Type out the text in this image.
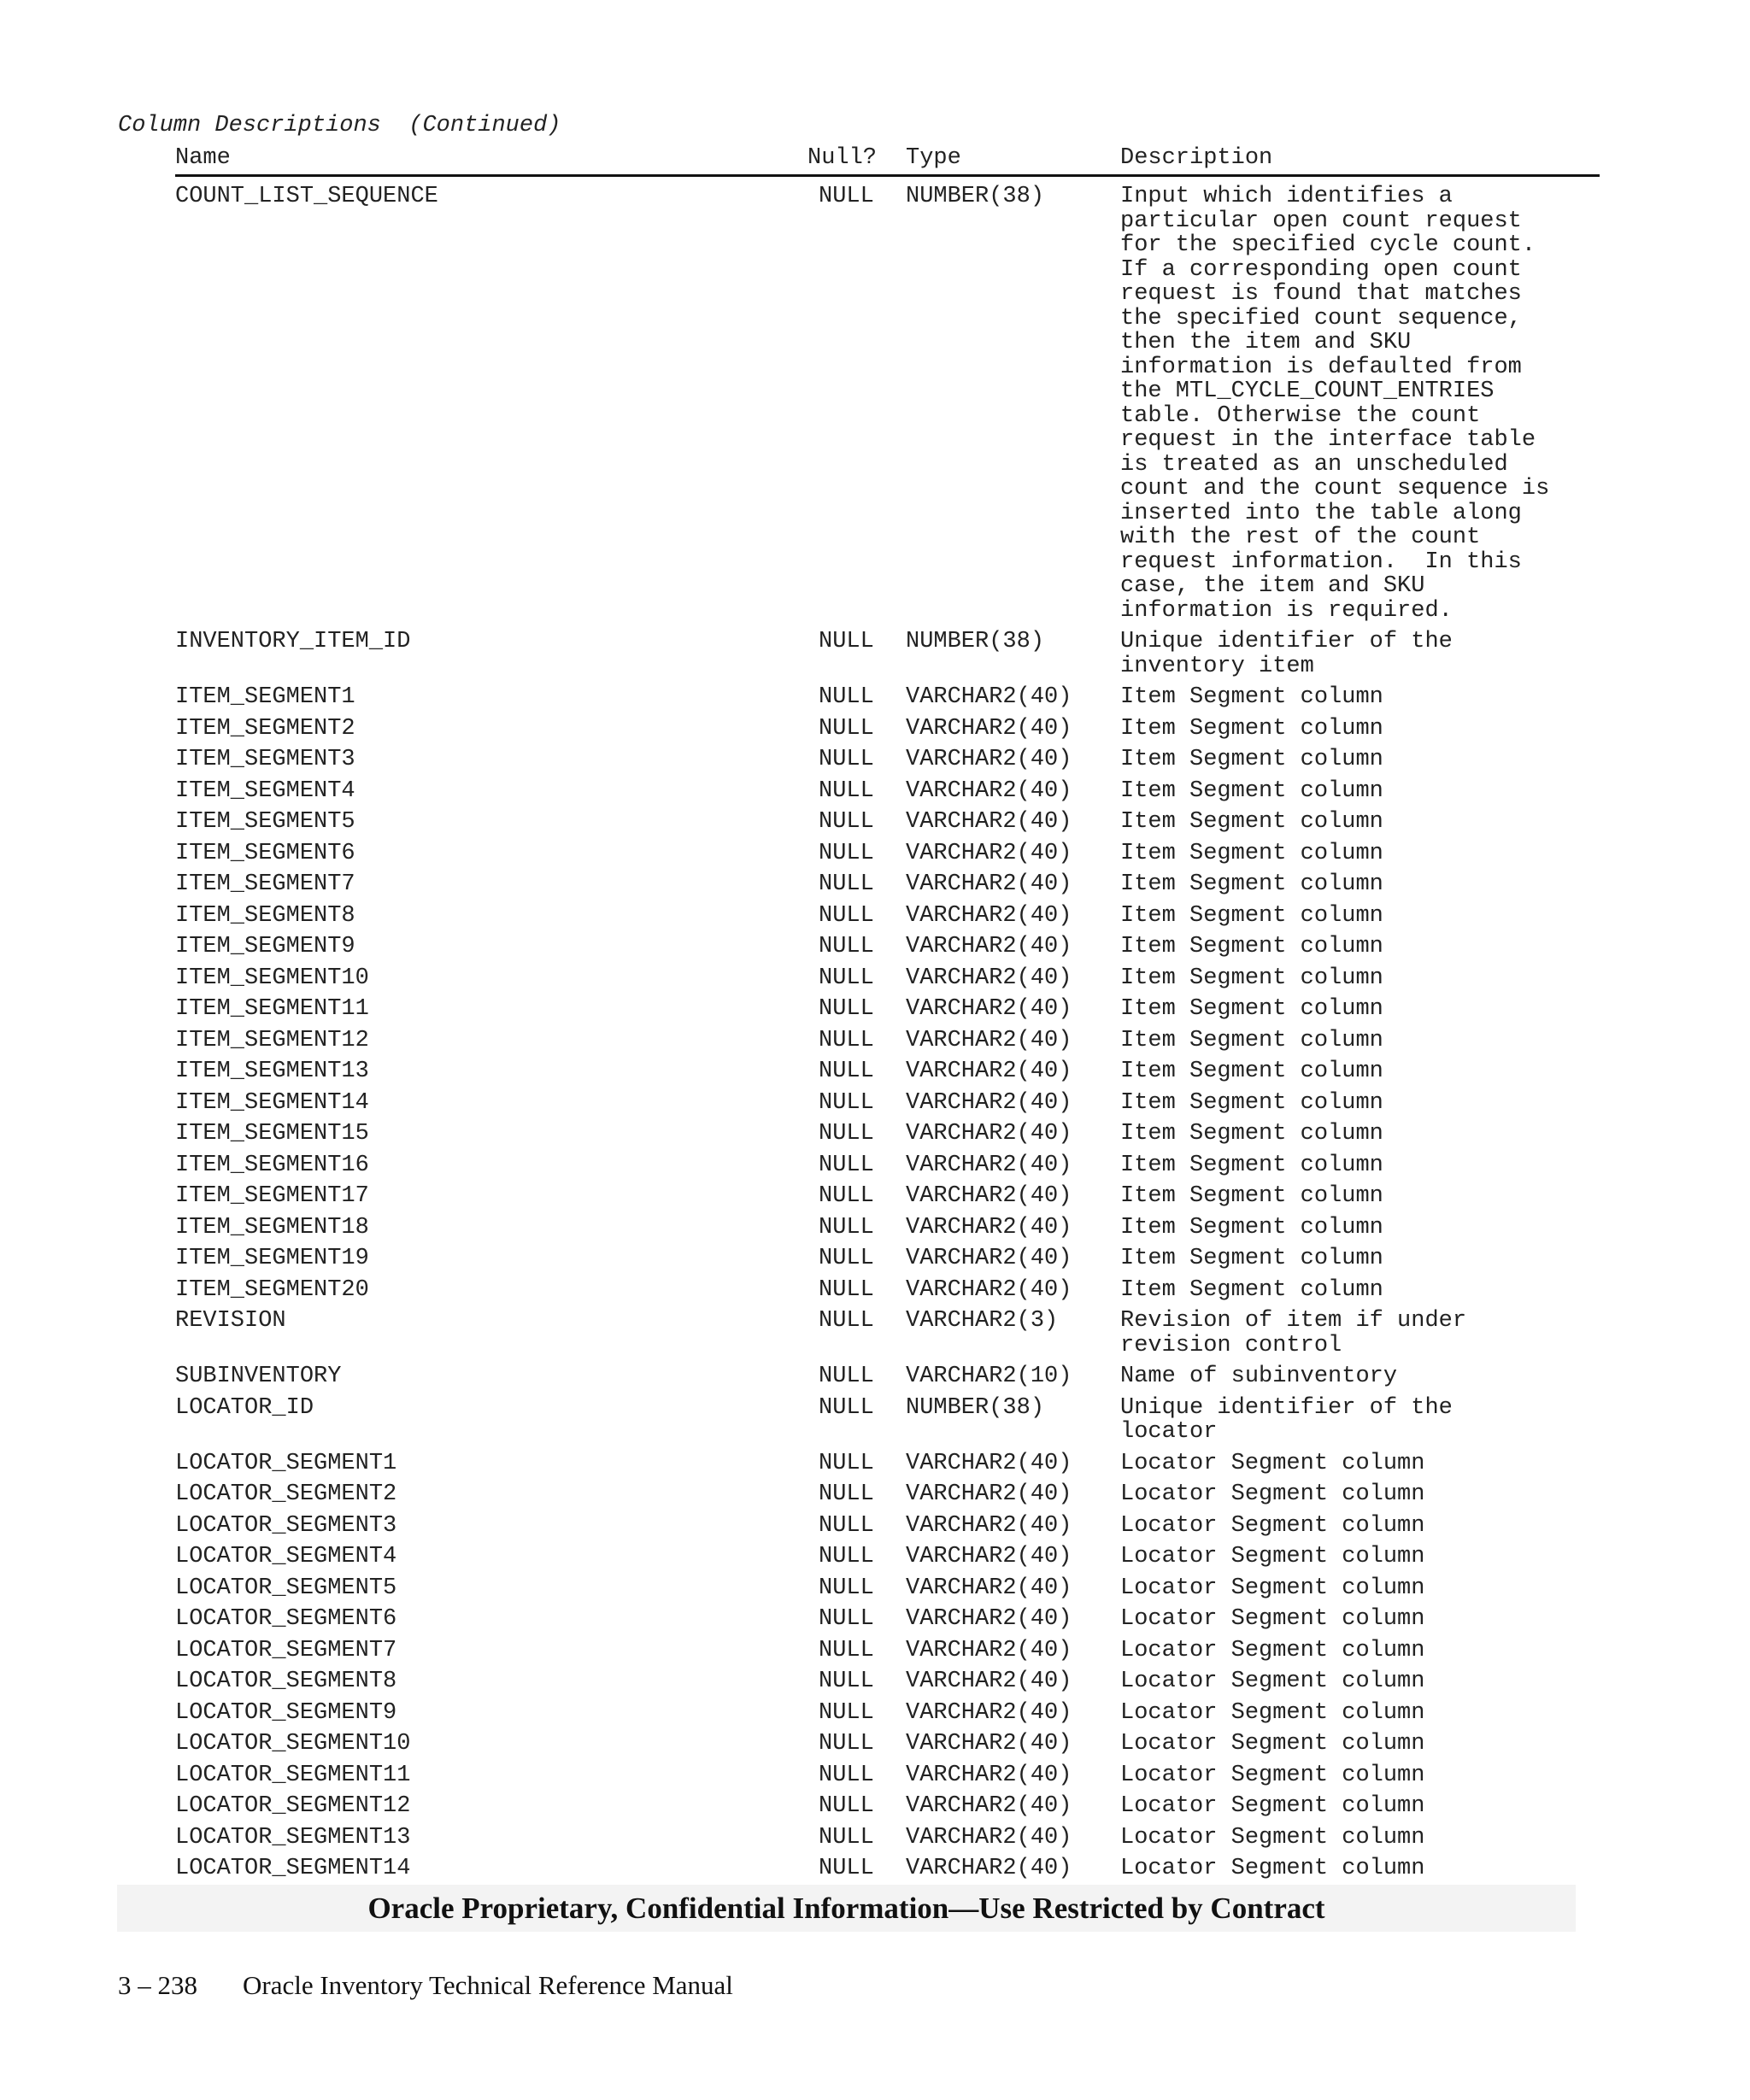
Column Descriptions  (Continued)
Name	Null? Type	Description
COUNT_LIST_SEQUENCE	NULL NUMBER(38)	Input which identifies a
particular open count request
for the specified cycle count.
If a corresponding open count
request is found that matches
the specified count sequence,
then the item and SKU
information is defaulted from
the MTL_CYCLE_COUNT_ENTRIES
table. Otherwise the count
request in the interface table
is treated as an unscheduled
count and the count sequence is
inserted into the table along
with the rest of the count
request information.  In this
case, the item and SKU
information is required.
INVENTORY_ITEM_ID	NULL NUMBER(38)	Unique identifier of the
inventory item
ITEM_SEGMENT1	NULL VARCHAR2(40) Item Segment column
ITEM_SEGMENT2	NULL VARCHAR2(40) Item Segment column
ITEM_SEGMENT3	NULL VARCHAR2(40) Item Segment column
ITEM_SEGMENT4	NULL VARCHAR2(40) Item Segment column
ITEM_SEGMENT5	NULL VARCHAR2(40) Item Segment column
ITEM_SEGMENT6	NULL VARCHAR2(40) Item Segment column
ITEM_SEGMENT7	NULL VARCHAR2(40) Item Segment column
ITEM_SEGMENT8	NULL VARCHAR2(40) Item Segment column
ITEM_SEGMENT9	NULL VARCHAR2(40) Item Segment column
ITEM_SEGMENT10	NULL VARCHAR2(40) Item Segment column
ITEM_SEGMENT11	NULL VARCHAR2(40) Item Segment column
ITEM_SEGMENT12	NULL VARCHAR2(40) Item Segment column
ITEM_SEGMENT13	NULL VARCHAR2(40) Item Segment column
ITEM_SEGMENT14	NULL VARCHAR2(40) Item Segment column
ITEM_SEGMENT15	NULL VARCHAR2(40) Item Segment column
ITEM_SEGMENT16	NULL VARCHAR2(40) Item Segment column
ITEM_SEGMENT17	NULL VARCHAR2(40) Item Segment column
ITEM_SEGMENT18	NULL VARCHAR2(40) Item Segment column
ITEM_SEGMENT19	NULL VARCHAR2(40) Item Segment column
ITEM_SEGMENT20	NULL VARCHAR2(40) Item Segment column
REVISION	NULL VARCHAR2(3)	Revision of item if under
revision control
SUBINVENTORY	NULL VARCHAR2(10) Name of subinventory
LOCATOR_ID	NULL NUMBER(38)	Unique identifier of the
locator
LOCATOR_SEGMENT1	NULL VARCHAR2(40) Locator Segment column
LOCATOR_SEGMENT2	NULL VARCHAR2(40) Locator Segment column
LOCATOR_SEGMENT3	NULL VARCHAR2(40) Locator Segment column
LOCATOR_SEGMENT4	NULL VARCHAR2(40) Locator Segment column
LOCATOR_SEGMENT5	NULL VARCHAR2(40) Locator Segment column
LOCATOR_SEGMENT6	NULL VARCHAR2(40) Locator Segment column
LOCATOR_SEGMENT7	NULL VARCHAR2(40) Locator Segment column
LOCATOR_SEGMENT8	NULL VARCHAR2(40) Locator Segment column
LOCATOR_SEGMENT9	NULL VARCHAR2(40) Locator Segment column
LOCATOR_SEGMENT10	NULL VARCHAR2(40) Locator Segment column
LOCATOR_SEGMENT11	NULL VARCHAR2(40) Locator Segment column
LOCATOR_SEGMENT12	NULL VARCHAR2(40) Locator Segment column
LOCATOR_SEGMENT13	NULL VARCHAR2(40) Locator Segment column
LOCATOR_SEGMENT14	NULL VARCHAR2(40) Locator Segment column
Oracle Proprietary, Confidential Information––Use Restricted by Contract
3 – 238 Oracle Inventory Technical Reference Manual
